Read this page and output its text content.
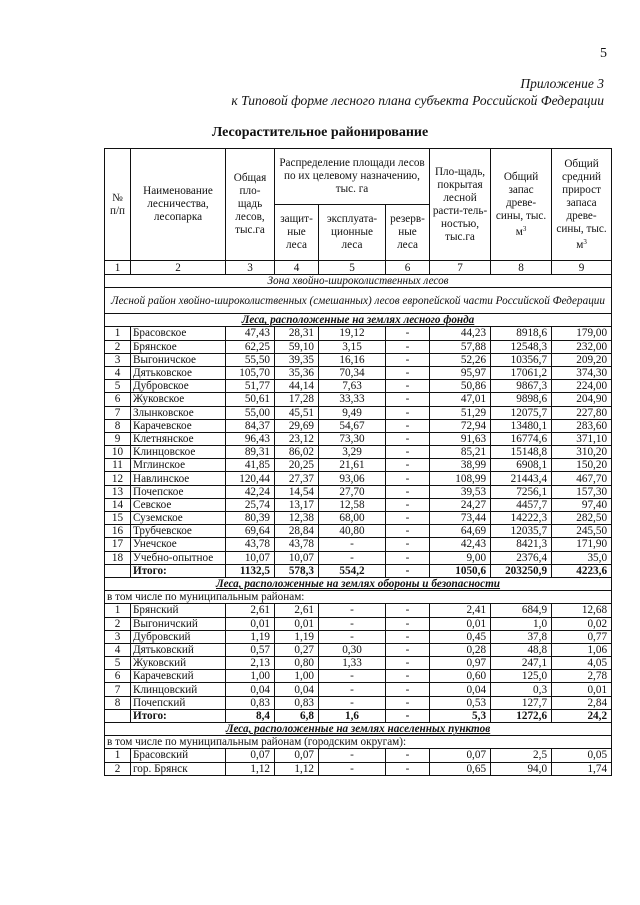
5
Приложение 3
к Типовой форме лесного плана субъекта Российской Федерации
Лесорастительное районирование
№ п/п	Наименование лесничества, лесопарка	Общая пло-щадь лесов, тыс.га	Распределение площади лесов по их целевому назначению, тыс. га			Пло-щадь, покрытая лесной расти-тель-ностью, тыс.га	Общий запас древе-сины, тыс. $м^3$	Общий средний прирост запаса древе-сины, тыс. $м^3$
			защит-ные леса	эксплуата-ционные леса	резерв-ные леса			
1	2	3	4	5	6	7	8	9
Зона хвойно-широколиственных лесов								
Лесной район хвойно-широколиственных (смешанных) лесов европейской части Российской Федерации								
Леса, расположенные на землях лесного фонда								
1	Брасовское	47,43	28,31	19,12	-	44,23	8918,6	179,00
2	Брянское	62,25	59,10	3,15	-	57,88	12548,3	232,00
3	Выгоничское	55,50	39,35	16,16	-	52,26	10356,7	209,20
4	Дятьковское	105,70	35,36	70,34	-	95,97	17061,2	374,30
5	Дубровское	51,77	44,14	7,63	-	50,86	9867,3	224,00
6	Жуковское	50,61	17,28	33,33	-	47,01	9898,6	204,90
7	Злынковское	55,00	45,51	9,49	-	51,29	12075,7	227,80
8	Карачевское	84,37	29,69	54,67	-	72,94	13480,1	283,60
9	Клетнянское	96,43	23,12	73,30	-	91,63	16774,6	371,10
10	Клинцовское	89,31	86,02	3,29	-	85,21	15148,8	310,20
11	Мглинское	41,85	20,25	21,61	-	38,99	6908,1	150,20
12	Навлинское	120,44	27,37	93,06	-	108,99	21443,4	467,70
13	Почепское	42,24	14,54	27,70	-	39,53	7256,1	157,30
14	Севское	25,74	13,17	12,58	-	24,27	4457,7	97,40
15	Суземское	80,39	12,38	68,00	-	73,44	14222,3	282,50
16	Трубчевское	69,64	28,84	40,80	-	64,69	12035,7	245,50
17	Унечское	43,78	43,78	-	-	42,43	8421,3	171,90
18	Учебно-опытное	10,07	10,07	-	-	9,00	2376,4	35,0
	Итого:	1132,5	578,3	554,2	-	1050,6	203250,9	4223,6
Леса, расположенные на землях обороны и безопасности								
в том числе по муниципальным районам:								
1	Брянский	2,61	2,61	-	-	2,41	684,9	12,68
2	Выгоничский	0,01	0,01	-	-	0,01	1,0	0,02
3	Дубровский	1,19	1,19	-	-	0,45	37,8	0,77
4	Дятьковский	0,57	0,27	0,30	-	0,28	48,8	1,06
5	Жуковский	2,13	0,80	1,33	-	0,97	247,1	4,05
6	Карачевский	1,00	1,00	-	-	0,60	125,0	2,78
7	Клинцовский	0,04	0,04	-	-	0,04	0,3	0,01
8	Почепский	0,83	0,83	-	-	0,53	127,7	2,84
	Итого:	8,4	6,8	1,6	-	5,3	1272,6	24,2
Леса, расположенные на землях населенных пунктов								
в том числе по муниципальным районам (городским округам):								
1	Брасовский	0,07	0,07	-	-	0,07	2,5	0,05
2	гор. Брянск	1,12	1,12	-	-	0,65	94,0	1,74
